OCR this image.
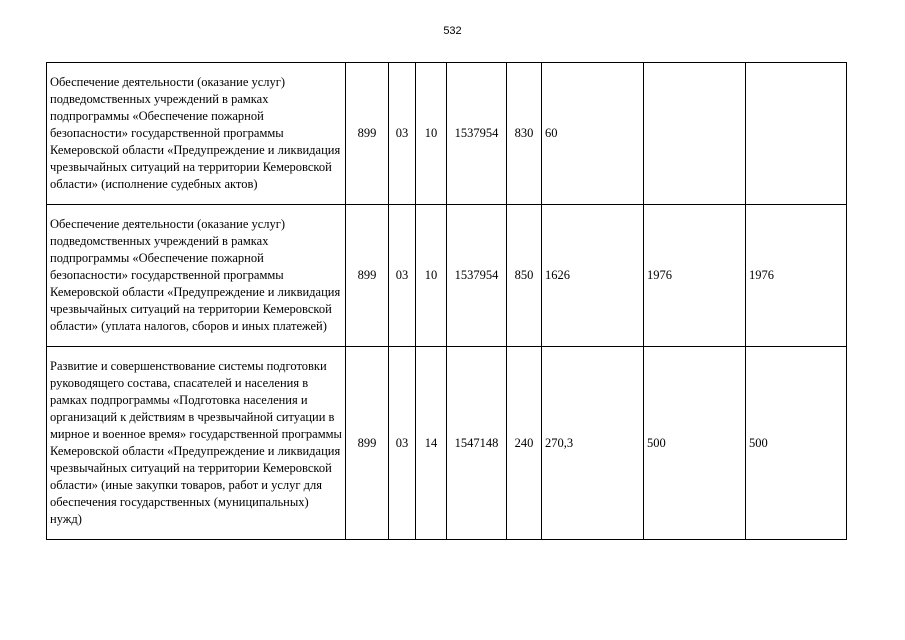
532
Обеспечение деятельности (оказание услуг) подведомственных учреждений в рамках подпрограммы «Обеспечение пожарной безопасности» государственной программы Кемеровской области «Предупреждение и ликвидация чрезвычайных ситуаций на территории Кемеровской области» (исполнение судебных актов)	899	03	10	1537954	830	60		
Обеспечение деятельности (оказание услуг) подведомственных учреждений в рамках подпрограммы «Обеспечение пожарной безопасности» государственной программы Кемеровской области «Предупреждение и ликвидация чрезвычайных ситуаций на территории Кемеровской области» (уплата налогов, сборов и иных платежей)	899	03	10	1537954	850	1626	1976	1976
Развитие и совершенствование системы подготовки руководящего состава, спасателей и населения в рамках подпрограммы «Подготовка населения и организаций к действиям в чрезвычайной ситуации в мирное и военное время» государственной программы Кемеровской области «Предупреждение и ликвидация чрезвычайных ситуаций на территории Кемеровской области» (иные закупки товаров, работ и услуг для обеспечения государственных (муниципальных) нужд)	899	03	14	1547148	240	270,3	500	500
